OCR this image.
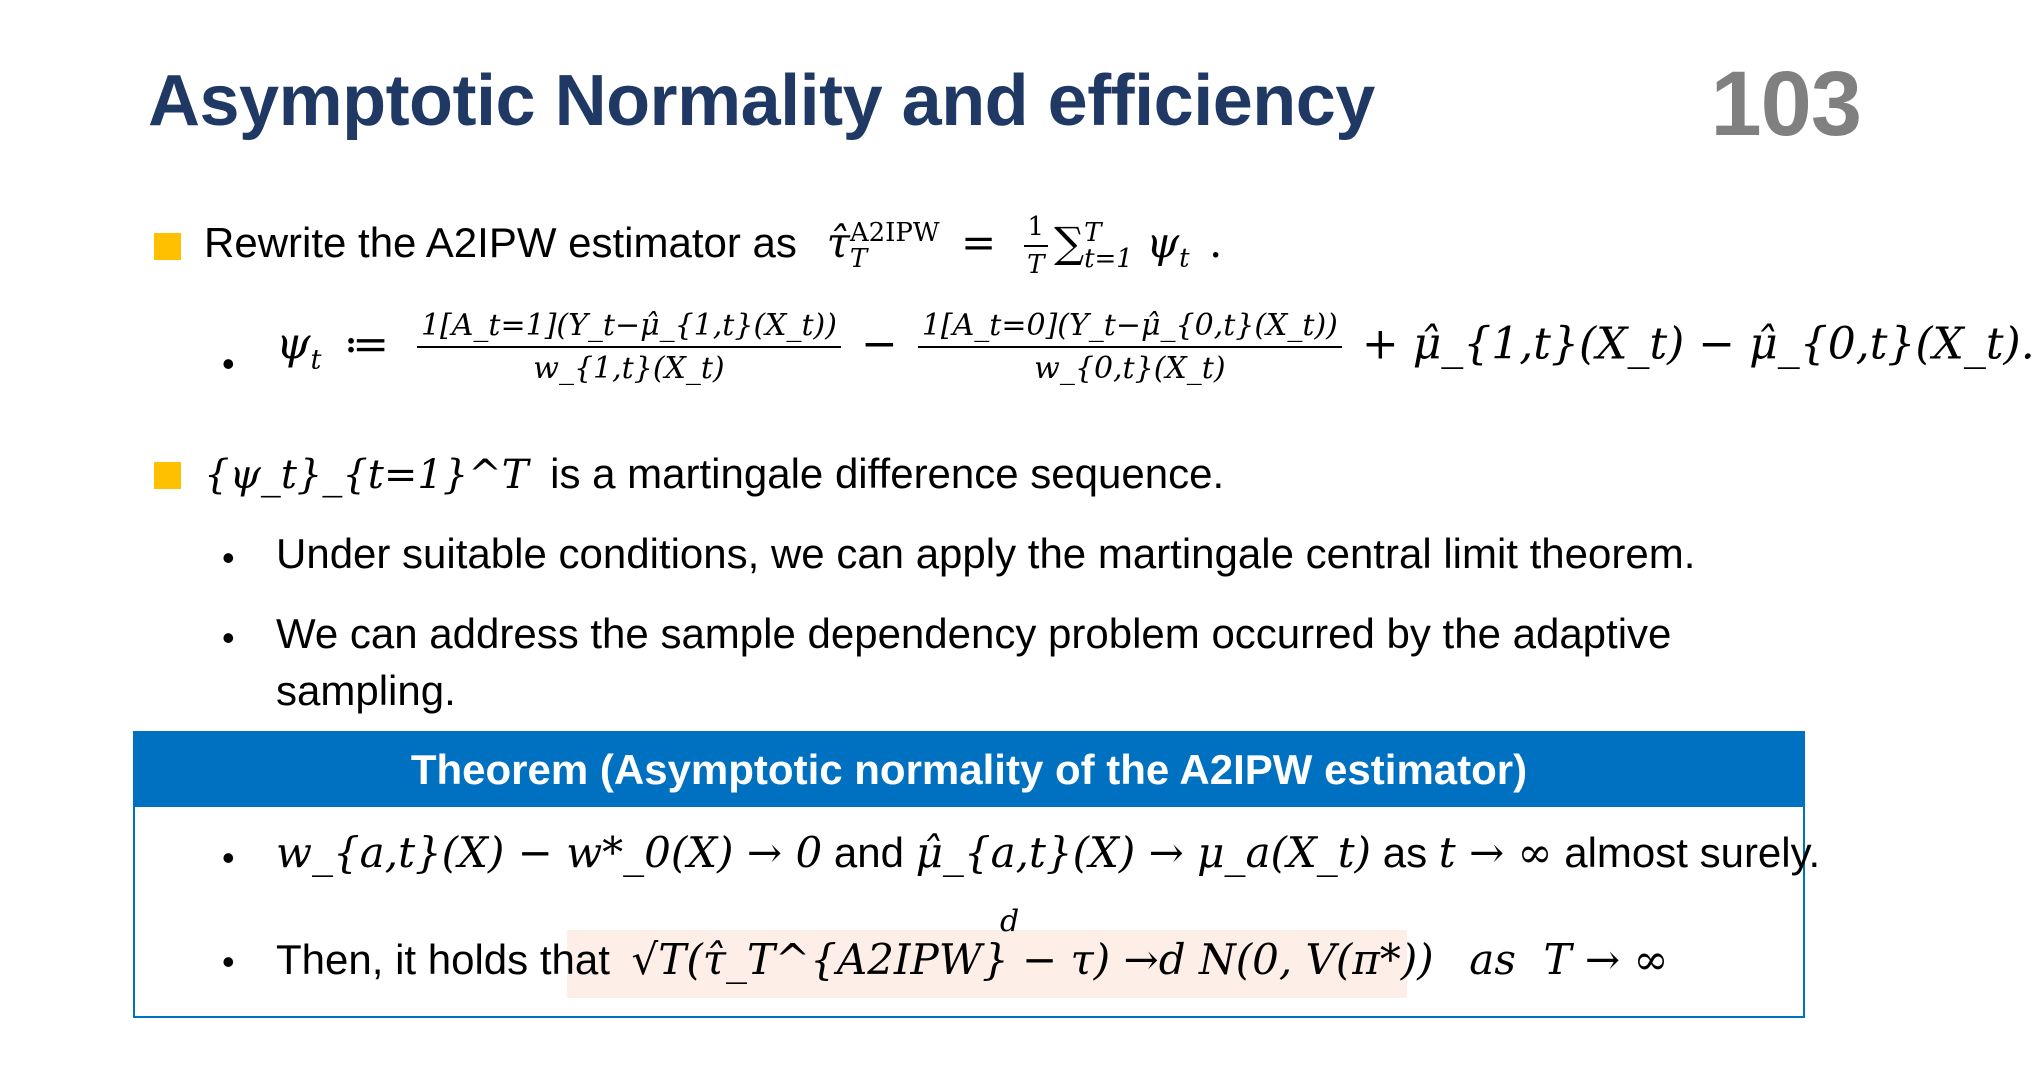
Asymptotic Normality and efficiency	103
Rewrite the A2IPW estimator as τ̂ A2IPW
T	= $\frac{1}{T}$ ∑ T
t=1 $\psi_t$ .
• $\psi_t$ ≔ $\frac{1[A\_t=1](Y\_t-\mû\_\{1,t\}(X\_t))}{w\_\{1,t\}(X\_t)} - \frac{1[A\_t=0](Y\_t-\mû\_\{0,t\}(X\_t))}{w\_\{0,t\}(X\_t)}$ + μ̂_{1,t}(X_t) − μ̂_{0,t}(X_t).
{ψ_t}_{t=1}^T is a martingale difference sequence.
• Under suitable conditions, we can apply the martingale central limit theorem.
• We can address the sample dependency problem occurred by the adaptive
sampling.
Theorem (Asymptotic normality of the A2IPW estimator)
• w_{a,t}(X) − w*_0(X) → 0 and μ̂_{a,t}(X) → μ_a(X_t) as t → ∞ almost surely.
• Then, it holds that √T(τ̂_T^{A2IPW} − τ) →d N(0, V(π*)) as T → ∞
d
